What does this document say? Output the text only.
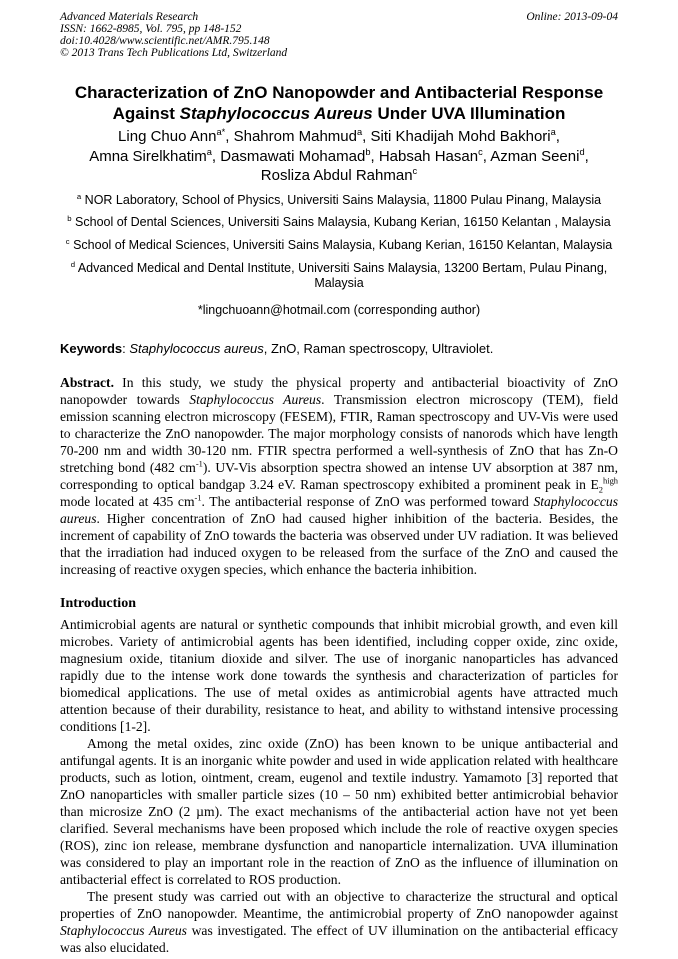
Advanced Materials Research
ISSN: 1662-8985, Vol. 795, pp 148-152
doi:10.4028/www.scientific.net/AMR.795.148
© 2013 Trans Tech Publications Ltd, Switzerland
Online: 2013-09-04
Characterization of ZnO Nanopowder and Antibacterial Response
Against Staphylococcus Aureus Under UVA Illumination

Ling Chuo Ann$^{a*}$, Shahrom Mahmud$^a$, Siti Khadijah Mohd Bakhori$^a$,
Amna Sirelkhatim$^a$, Dasmawati Mohamad$^b$, Habsah Hasan$^c$, Azman Seeni$^d$,
Rosliza Abdul Rahman$^c$

$^a$ NOR Laboratory, School of Physics, Universiti Sains Malaysia, 11800 Pulau Pinang, Malaysia

$^b$ School of Dental Sciences, Universiti Sains Malaysia, Kubang Kerian, 16150 Kelantan , Malaysia

$^c$ School of Medical Sciences, Universiti Sains Malaysia, Kubang Kerian, 16150 Kelantan, Malaysia

$^d$ Advanced Medical and Dental Institute, Universiti Sains Malaysia, 13200 Bertam, Pulau Pinang,
Malaysia

*lingchuoann@hotmail.com (corresponding author)

Keywords: Staphylococcus aureus, ZnO, Raman spectroscopy, Ultraviolet.

Abstract. In this study, we study the physical property and antibacterial bioactivity of ZnO nanopowder towards Staphylococcus Aureus. Transmission electron microscopy (TEM), field emission scanning electron microscopy (FESEM), FTIR, Raman spectroscopy and UV-Vis were used to characterize the ZnO nanopowder. The major morphology consists of nanorods which have length 70-200 nm and width 30-120 nm. FTIR spectra performed a well-synthesis of ZnO that has Zn-O stretching bond (482 $cm^{-1}$). UV-Vis absorption spectra showed an intense UV absorption at 387 nm, corresponding to optical bandgap 3.24 eV. Raman spectroscopy exhibited a prominent peak in $E_2^{high}$ mode located at 435 $cm^{-1}$. The antibacterial response of ZnO was performed toward Staphylococcus aureus. Higher concentration of ZnO had caused higher inhibition of the bacteria. Besides, the increment of capability of ZnO towards the bacteria was observed under UV radiation. It was believed that the irradiation had induced oxygen to be released from the surface of the ZnO and caused the increasing of reactive oxygen species, which enhance the bacteria inhibition.

Introduction

Antimicrobial agents are natural or synthetic compounds that inhibit microbial growth, and even kill microbes. Variety of antimicrobial agents has been identified, including copper oxide, zinc oxide, magnesium oxide, titanium dioxide and silver. The use of inorganic nanoparticles has advanced rapidly due to the intense work done towards the synthesis and characterization of particles for biomedical applications. The use of metal oxides as antimicrobial agents have attracted much attention because of their durability, resistance to heat, and ability to withstand intensive processing conditions [1-2].

Among the metal oxides, zinc oxide (ZnO) has been known to be unique antibacterial and antifungal agents. It is an inorganic white powder and used in wide application related with healthcare products, such as lotion, ointment, cream, eugenol and textile industry. Yamamoto [3] reported that ZnO nanoparticles with smaller particle sizes (10 – 50 nm) exhibited better antimicrobial behavior than microsize ZnO (2 µm). The exact mechanisms of the antibacterial action have not yet been clarified. Several mechanisms have been proposed which include the role of reactive oxygen species (ROS), zinc ion release, membrane dysfunction and nanoparticle internalization. UVA illumination was considered to play an important role in the reaction of ZnO as the influence of illumination on antibacterial effect is correlated to ROS production.

The present study was carried out with an objective to characterize the structural and optical properties of ZnO nanopowder. Meantime, the antimicrobial property of ZnO nanopowder against Staphylococcus Aureus was investigated. The effect of UV illumination on the antibacterial efficacy was also elucidated.
